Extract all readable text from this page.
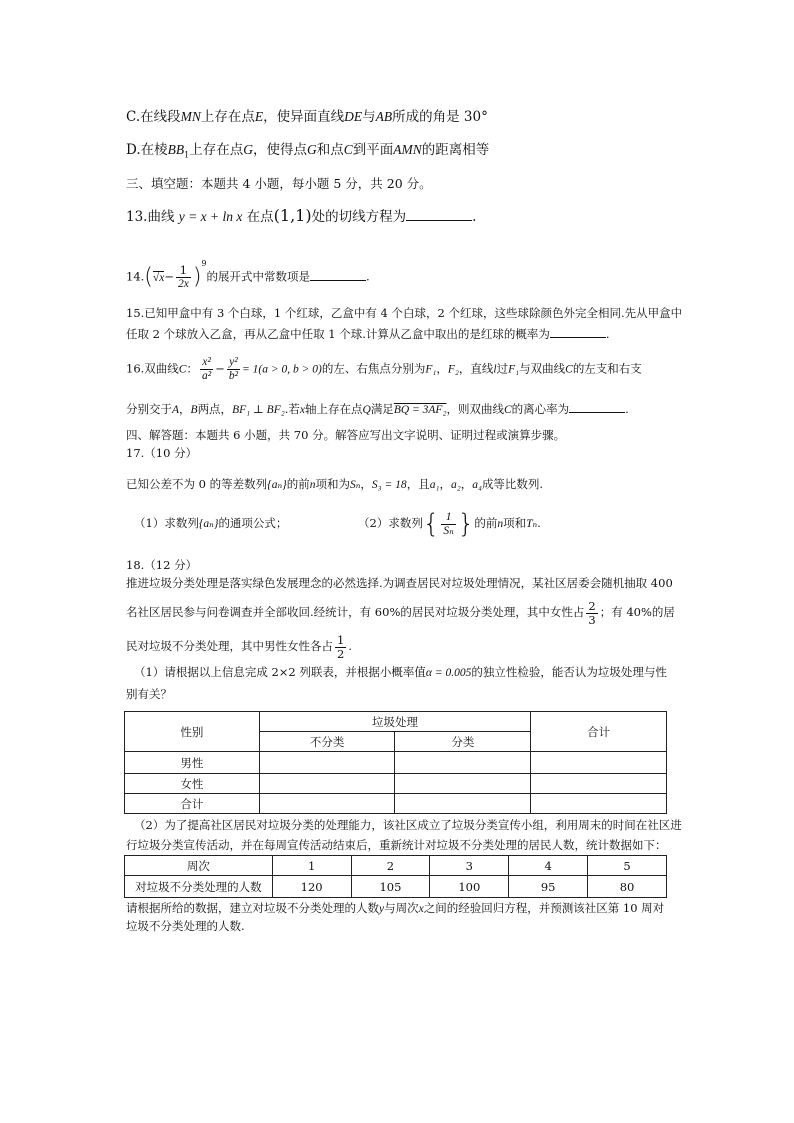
C.在线段MN上存在点E，使异面直线DE与AB所成的角是 30°
D.在棱$BB_1$上存在点G，使得点G和点C到平面AMN的距离相等
三、填空题：本题共 4 小题，每小题 5 分，共 20 分。
13.曲线 y = x + ln x 在点(1,1)处的切线方程为	.
$14.(√x- \frac{1}{2x} )^9$的展开式中常数项是	.
15.已知甲盒中有 3 个白球，1 个红球，乙盒中有 4 个白球，2 个红球，这些球除颜色外完全相同.先从甲盒中
任取 2 个球放入乙盒，再从乙盒中任取 1 个球.计算从乙盒中取出的是红球的概率为	.
16.双曲线C： $\frac{\text{x²}}{\text{a²}} - \frac{\text{y²}}{\text{b²}} = 1(a > 0$, b > 0)的左、右焦点分别为F₁，F₂，直线l过F₁与双曲线C的左支和右支
分别交于A，B两点，BF₁ ⊥ BF₂.若x轴上存在点Q满足BQ = 3AF₂，则双曲线C的离心率为	.
四、解答题：本题共 6 小题，共 70 分。解答应写出文字说明、证明过程或演算步骤。
17.（10 分）
已知公差不为 0 的等差数列{aₙ}的前n项和为Sₙ，S₃ = 18，且a₁，a₂，a₄成等比数列.
（1）求数列{aₙ}的通项公式；	（2）求数列{ $\frac{1}{\text{Sₙ}}$ }的前n项和Tₙ.
18.（12 分）
推进垃圾分类处理是落实绿色发展理念的必然选择.为调查居民对垃圾处理情况，某社区居委会随机抽取 400
名社区居民参与问卷调查并全部收回.经统计，有 60%的居民对垃圾分类处理，其中女性占 $\frac{2}{3}$ ；有 40%的居
民对垃圾不分类处理，其中男性女性各占 $\frac{1}{2}$ .
（1）请根据以上信息完成 2×2 列联表，并根据小概率值α = 0.005的独立性检验，能否认为垃圾处理与性
别有关？
性别	垃圾处理		合计
	不分类	分类	
男性			
女性			
合计			
（2）为了提高社区居民对垃圾分类的处理能力，该社区成立了垃圾分类宣传小组，利用周末的时间在社区进
行垃圾分类宣传活动，并在每周宣传活动结束后，重新统计对垃圾不分类处理的居民人数，统计数据如下：
周次	1	2	3	4	5
对垃圾不分类处理的人数	120	105	100	95	80
请根据所给的数据，建立对垃圾不分类处理的人数y与周次x之间的经验回归方程，并预测该社区第 10 周对
垃圾不分类处理的人数.
